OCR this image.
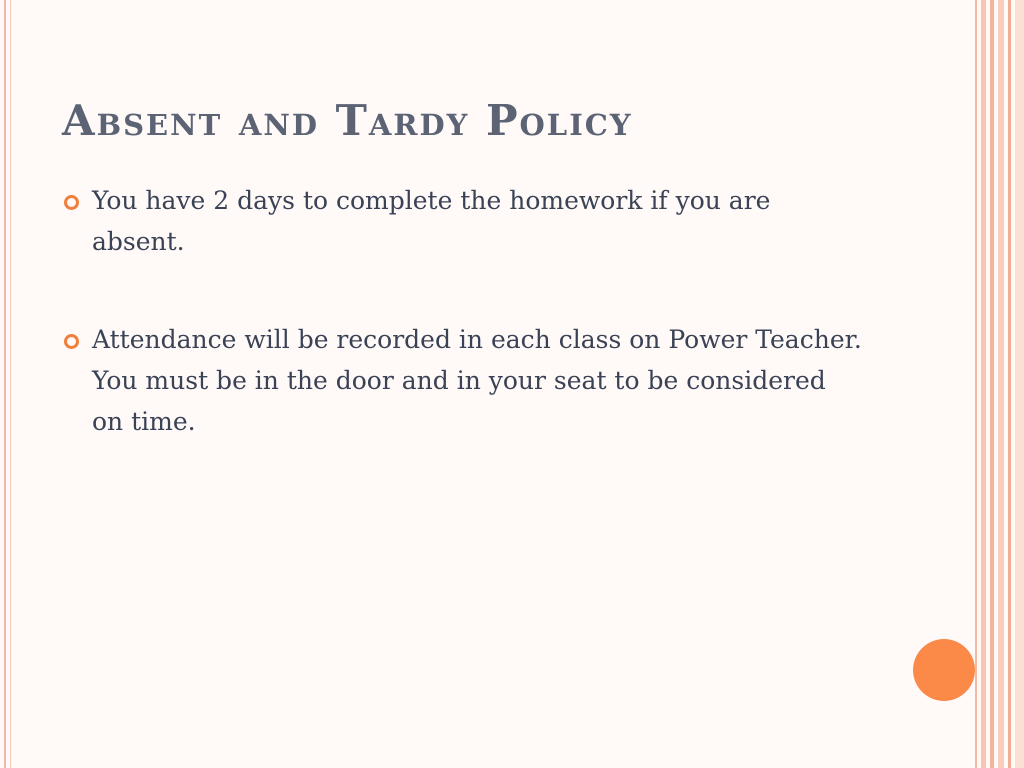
Absent and Tardy Policy
You have 2 days to complete the homework if you are absent.
Attendance will be recorded in each class on Power Teacher. You must be in the door and in your seat to be considered on time.
